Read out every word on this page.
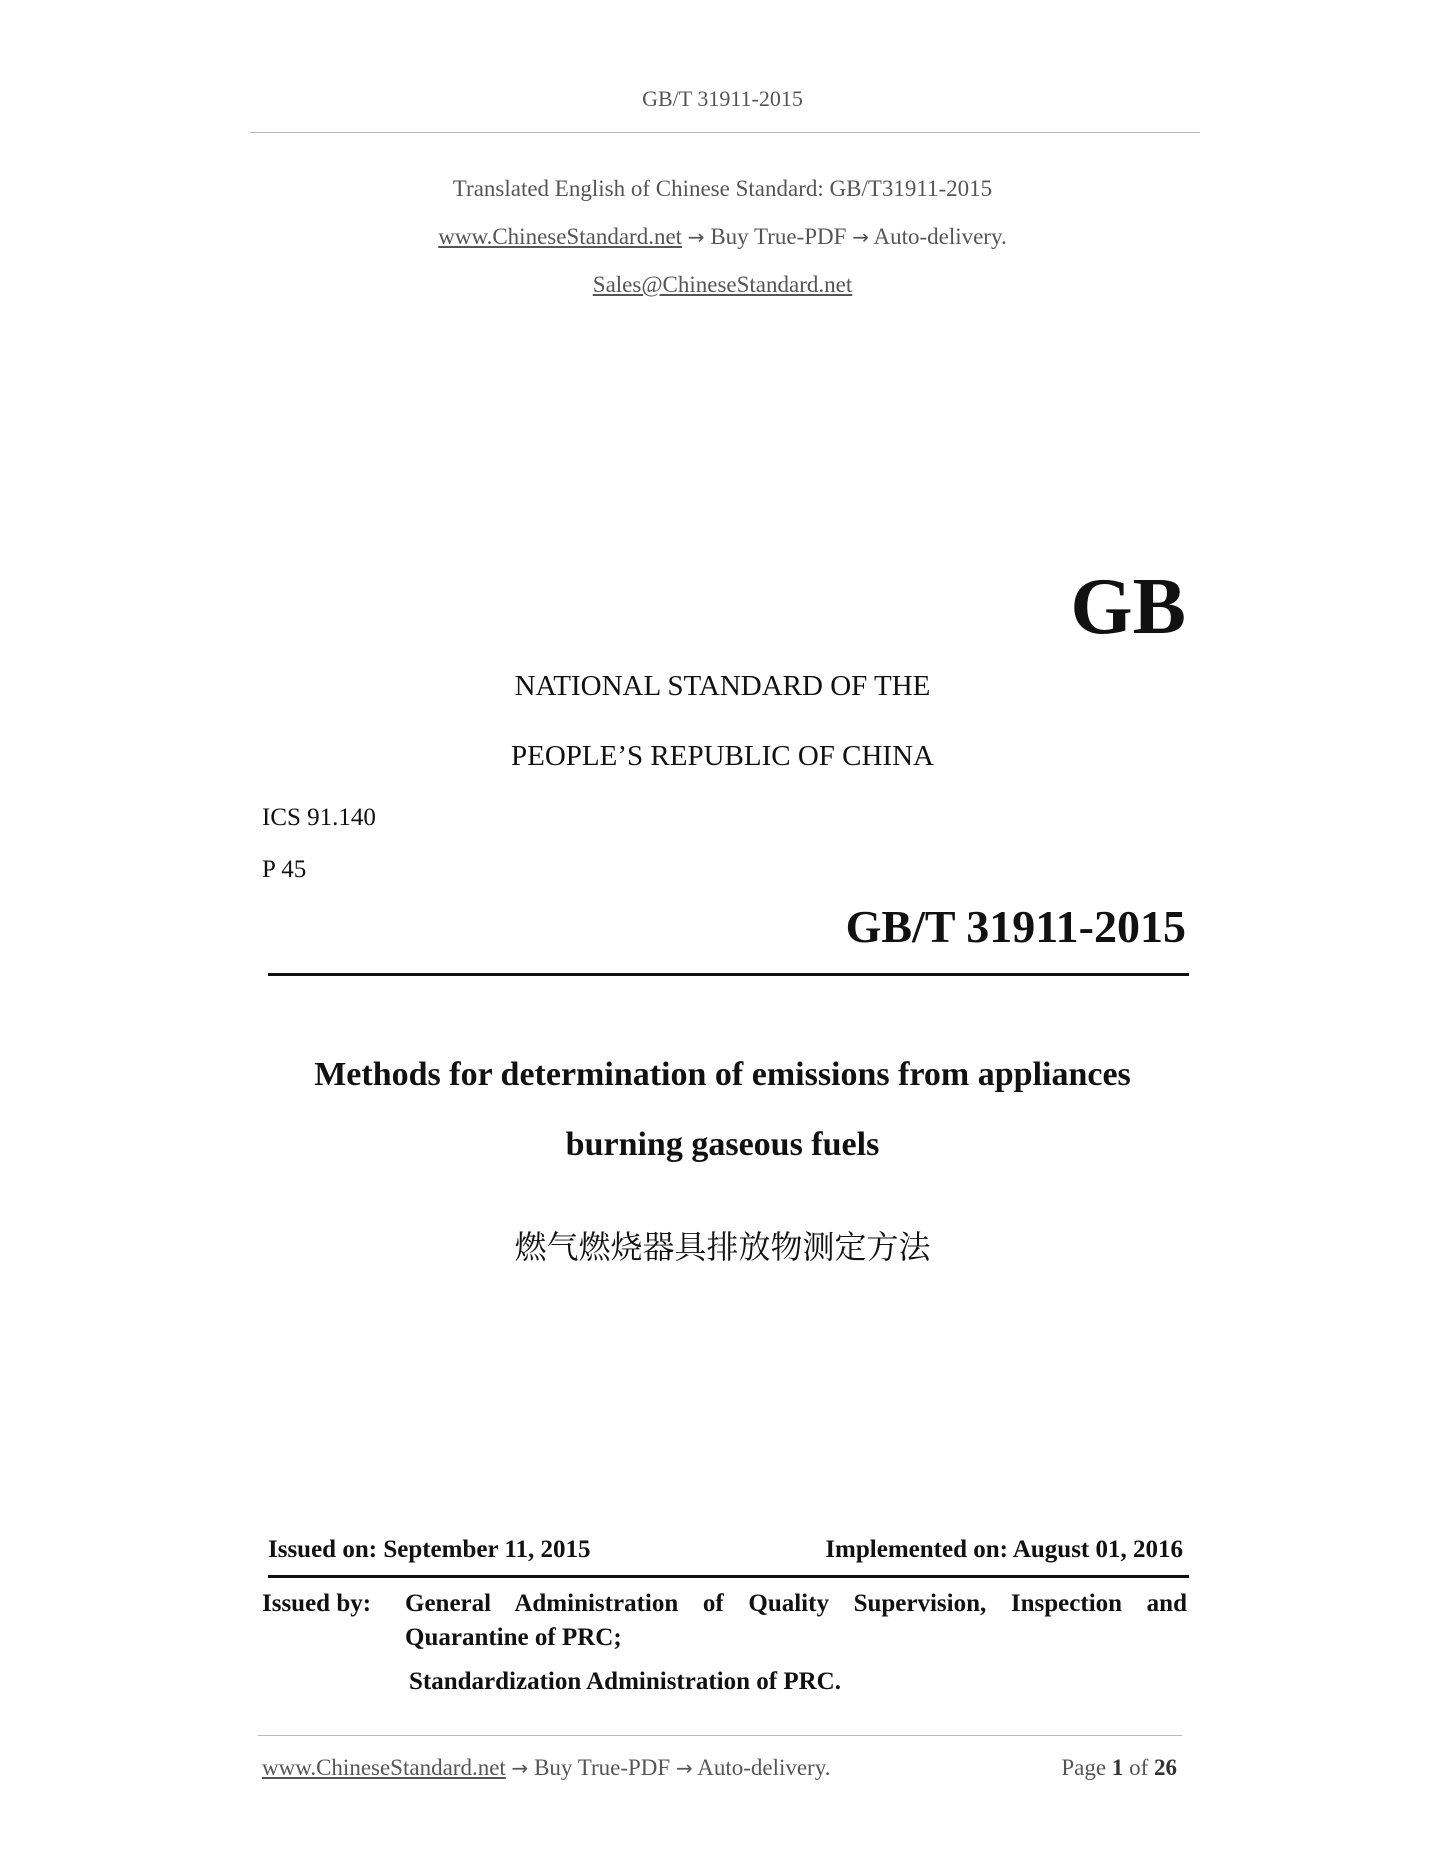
GB/T 31911-2015
Translated English of Chinese Standard: GB/T31911-2015
www.ChineseStandard.net → Buy True-PDF → Auto-delivery.
Sales@ChineseStandard.net
GB
NATIONAL STANDARD OF THE
PEOPLE’S REPUBLIC OF CHINA
ICS 91.140
P 45
GB/T 31911-2015
Methods for determination of emissions from appliances
burning gaseous fuels
燃气燃烧器具排放物测定方法
Issued on: September 11, 2015	Implemented on: August 01, 2016
Issued by: General Administration of Quality Supervision, Inspection and
Quarantine of PRC;
Standardization Administration of PRC.
www.ChineseStandard.net → Buy True-PDF → Auto-delivery.	Page 1 of 26
